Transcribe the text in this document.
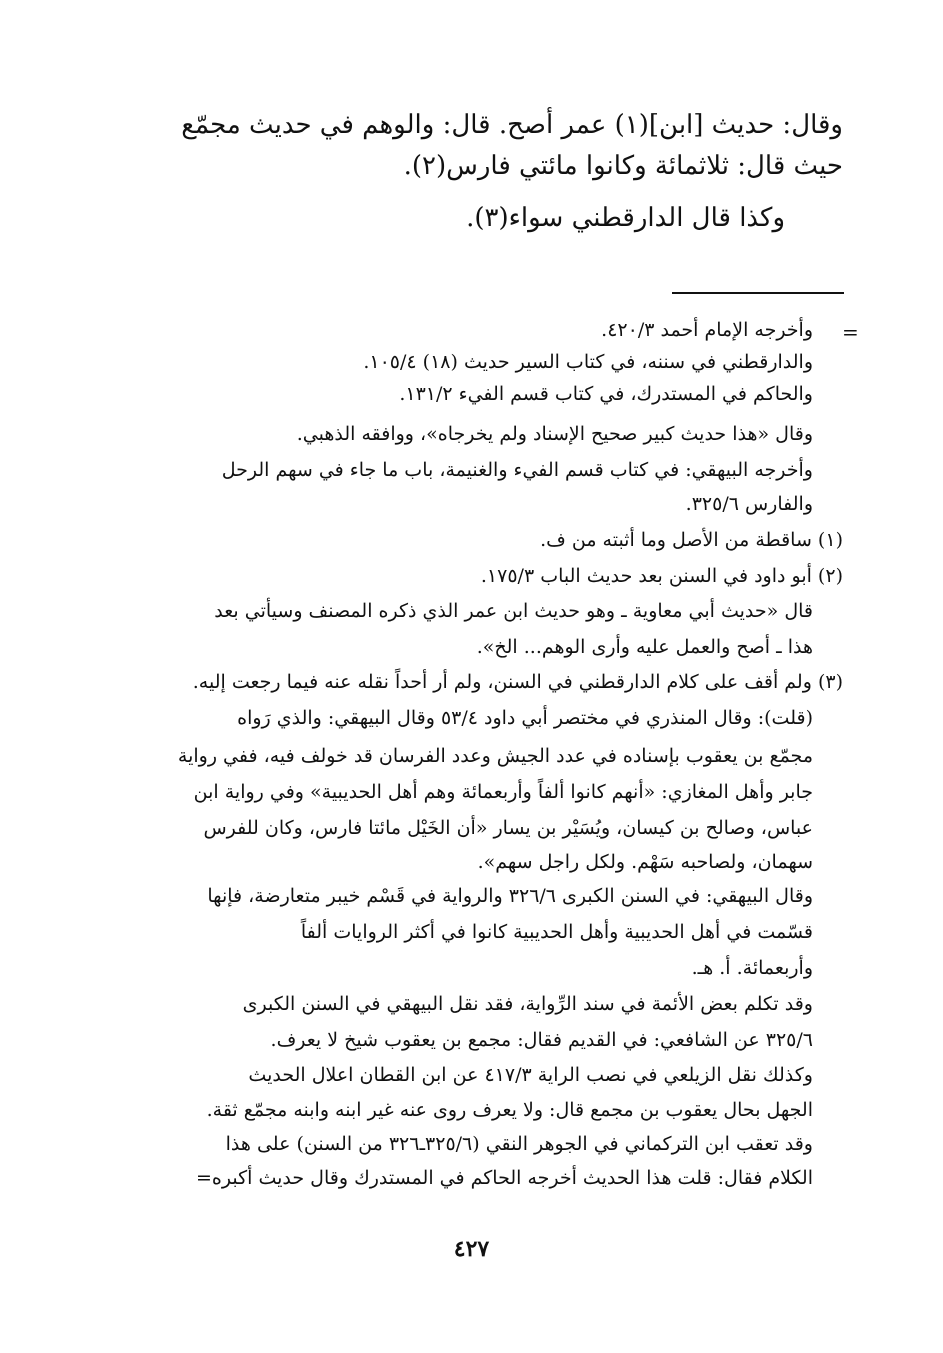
وقال: حديث [ابن](١) عمر أصح. قال: والوهم في حديث مجمّع
حيث قال: ثلاثمائة وكانوا مائتي فارس(٢).
وكذا قال الدارقطني سواء(٣).
=
وأخرجه الإمام أحمد ٤٢٠/٣.
والدارقطني في سننه، في كتاب السير حديث (١٨) ١٠٥/٤.
والحاكم في المستدرك، في كتاب قسم الفيء ١٣١/٢.
وقال «هذا حديث كبير صحيح الإسناد ولم يخرجاه»، ووافقه الذهبي.
وأخرجه البيهقي: في كتاب قسم الفيء والغنيمة، باب ما جاء في سهم الرحل
والفارس ٣٢٥/٦.
(١) ساقطة من الأصل وما أثبته من ف.
(٢) أبو داود في السنن بعد حديث الباب ١٧٥/٣.
قال «حديث أبي معاوية ـ وهو حديث ابن عمر الذي ذكره المصنف وسيأتي بعد
هذا ـ أصح والعمل عليه وأرى الوهم... الخ».
(٣) ولم أقف على كلام الدارقطني في السنن، ولم أر أحداً نقله عنه فيما رجعت إليه.
(قلت): وقال المنذري في مختصر أبي داود ٥٣/٤ وقال البيهقي: والذي رَواه
مجمّع بن يعقوب بإسناده في عدد الجيش وعدد الفرسان قد خولف فيه، ففي رواية
جابر وأهل المغازي: «أنهم كانوا ألفاً وأربعمائة وهم أهل الحديبية» وفي رواية ابن
عباس، وصالح بن كيسان، ويُسَيْر بن يسار «أن الخَيْل مائتا فارس، وكان للفرس
سهمان، ولصاحبه سَهْم. ولكل راجل سهم».
وقال البيهقي: في السنن الكبرى ٣٢٦/٦ والرواية في قَسْم خيبر متعارضة، فإنها
قسّمت في أهل الحديبية وأهل الحديبية كانوا في أكثر الروايات ألفاً
وأربعمائة. أ. هـ.
وقد تكلم بعض الأئمة في سند الرِّواية، فقد نقل البيهقي في السنن الكبرى
٣٢٥/٦ عن الشافعي: في القديم فقال: مجمع بن يعقوب شيخ لا يعرف.
وكذلك نقل الزيلعي في نصب الراية ٤١٧/٣ عن ابن القطان اعلال الحديث
الجهل بحال يعقوب بن مجمع قال: ولا يعرف روى عنه غير ابنه وابنه مجمّع ثقة.
وقد تعقب ابن التركماني في الجوهر النقي (٣٢٥/٦ـ٣٢٦ من السنن) على هذا
الكلام فقال: قلت هذا الحديث أخرجه الحاكم في المستدرك وقال حديث أكبره=
٤٢٧
